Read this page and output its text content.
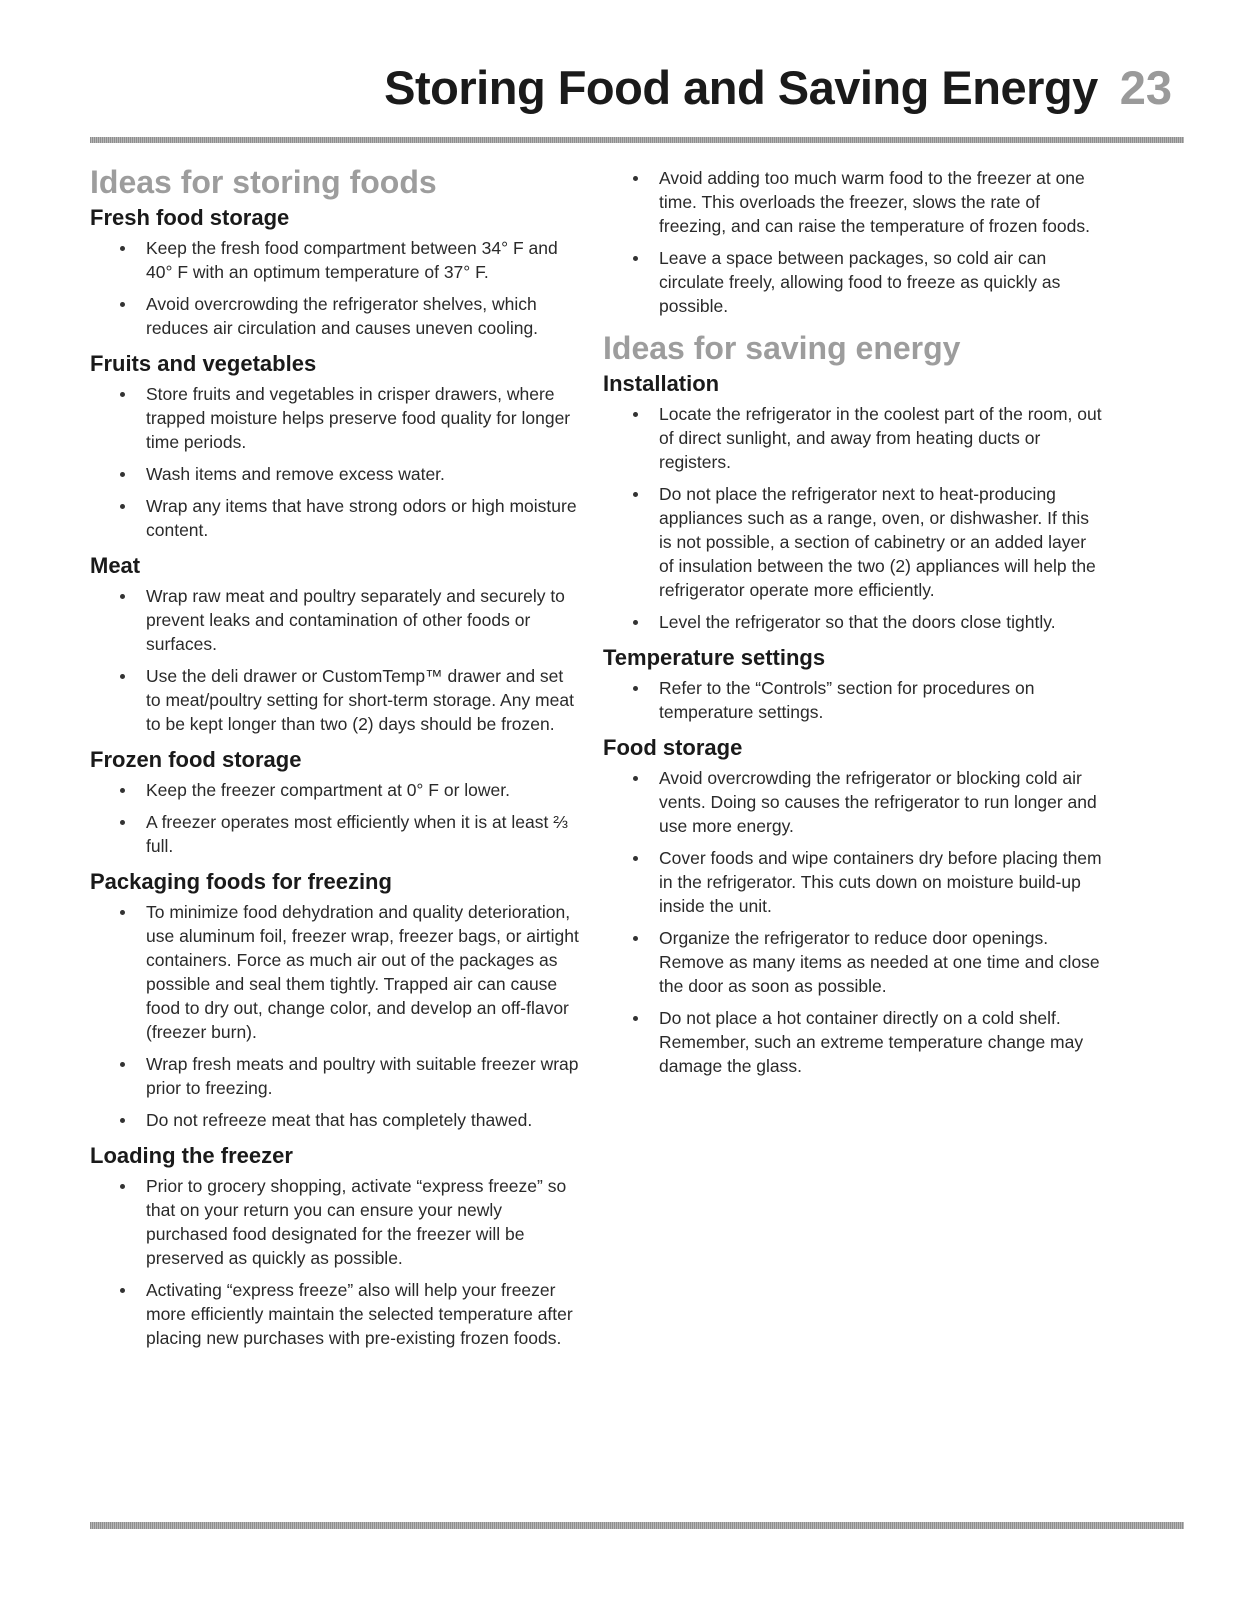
Storing Food and Saving Energy 23
Ideas for storing foods
Fresh food storage
Keep the fresh food compartment between 34° F and 40° F with an optimum temperature of 37° F.
Avoid overcrowding the refrigerator shelves, which reduces air circulation and causes uneven cooling.
Fruits and vegetables
Store fruits and vegetables in crisper drawers, where trapped moisture helps preserve food quality for longer time periods.
Wash items and remove excess water.
Wrap any items that have strong odors or high moisture content.
Meat
Wrap raw meat and poultry separately and securely to prevent leaks and contamination of other foods or surfaces.
Use the deli drawer or CustomTemp™ drawer and set to meat/poultry setting for short-term storage. Any meat to be kept longer than two (2) days should be frozen.
Frozen food storage
Keep the freezer compartment at 0° F or lower.
A freezer operates most efficiently when it is at least ⅔ full.
Packaging foods for freezing
To minimize food dehydration and quality deterioration, use aluminum foil, freezer wrap, freezer bags, or airtight containers. Force as much air out of the packages as possible and seal them tightly. Trapped air can cause food to dry out, change color, and develop an off-flavor (freezer burn).
Wrap fresh meats and poultry with suitable freezer wrap prior to freezing.
Do not refreeze meat that has completely thawed.
Loading the freezer
Prior to grocery shopping, activate “express freeze” so that on your return you can ensure your newly purchased food designated for the freezer will be preserved as quickly as possible.
Activating “express freeze” also will help your freezer more efficiently maintain the selected temperature after placing new purchases with pre-existing frozen foods.
Avoid adding too much warm food to the freezer at one time. This overloads the freezer, slows the rate of freezing, and can raise the temperature of frozen foods.
Leave a space between packages, so cold air can circulate freely, allowing food to freeze as quickly as possible.
Ideas for saving energy
Installation
Locate the refrigerator in the coolest part of the room, out of direct sunlight, and away from heating ducts or registers.
Do not place the refrigerator next to heat-producing appliances such as a range, oven, or dishwasher. If this is not possible, a section of cabinetry or an added layer of insulation between the two (2) appliances will help the refrigerator operate more efficiently.
Level the refrigerator so that the doors close tightly.
Temperature settings
Refer to the “Controls” section for procedures on temperature settings.
Food storage
Avoid overcrowding the refrigerator or blocking cold air vents. Doing so causes the refrigerator to run longer and use more energy.
Cover foods and wipe containers dry before placing them in the refrigerator. This cuts down on moisture build-up inside the unit.
Organize the refrigerator to reduce door openings. Remove as many items as needed at one time and close the door as soon as possible.
Do not place a hot container directly on a cold shelf. Remember, such an extreme temperature change may damage the glass.
